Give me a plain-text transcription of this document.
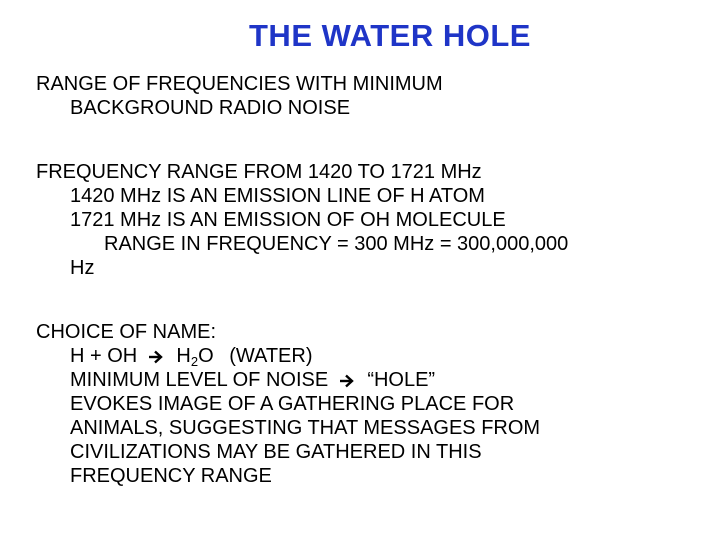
THE WATER HOLE

RANGE OF FREQUENCIES WITH MINIMUM

BACKGROUND RADIO NOISE

FREQUENCY RANGE FROM 1420 TO 1721 MHz

1420 MHz IS AN EMISSION LINE OF H ATOM

1721 MHz IS AN EMISSION OF OH MOLECULE

RANGE IN FREQUENCY = 300 MHz = 300,000,000

Hz

CHOICE OF NAME:

H + OH $H_2O$ (WATER)

MINIMUM LEVEL OF NOISE “HOLE”

EVOKES IMAGE OF A GATHERING PLACE FOR

ANIMALS, SUGGESTING THAT MESSAGES FROM

CIVILIZATIONS MAY BE GATHERED IN THIS

FREQUENCY RANGE
